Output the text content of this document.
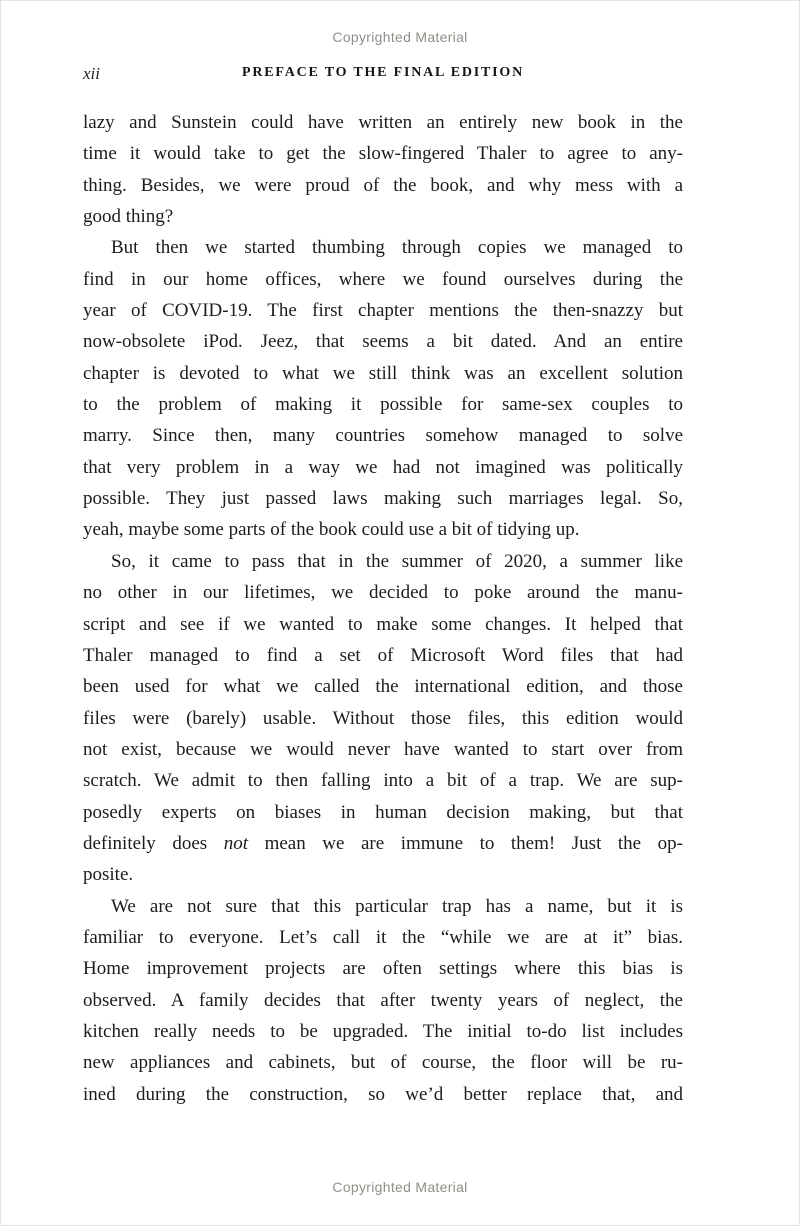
Copyrighted Material
xii	PREFACE TO THE FINAL EDITION
lazy and Sunstein could have written an entirely new book in the
time it would take to get the slow-fingered Thaler to agree to any-
thing. Besides, we were proud of the book, and why mess with a
good thing?
But then we started thumbing through copies we managed to
find in our home offices, where we found ourselves during the
year of COVID-19. The first chapter mentions the then-snazzy but
now-obsolete iPod. Jeez, that seems a bit dated. And an entire
chapter is devoted to what we still think was an excellent solution
to the problem of making it possible for same-sex couples to
marry. Since then, many countries somehow managed to solve
that very problem in a way we had not imagined was politically
possible. They just passed laws making such marriages legal. So,
yeah, maybe some parts of the book could use a bit of tidying up.
So, it came to pass that in the summer of 2020, a summer like
no other in our lifetimes, we decided to poke around the manu-
script and see if we wanted to make some changes. It helped that
Thaler managed to find a set of Microsoft Word files that had
been used for what we called the international edition, and those
files were (barely) usable. Without those files, this edition would
not exist, because we would never have wanted to start over from
scratch. We admit to then falling into a bit of a trap. We are sup-
posedly experts on biases in human decision making, but that
definitely does not mean we are immune to them! Just the op-
posite.
We are not sure that this particular trap has a name, but it is
familiar to everyone. Let’s call it the “while we are at it” bias.
Home improvement projects are often settings where this bias is
observed. A family decides that after twenty years of neglect, the
kitchen really needs to be upgraded. The initial to-do list includes
new appliances and cabinets, but of course, the floor will be ru-
ined during the construction, so we’d better replace that, and
Copyrighted Material
